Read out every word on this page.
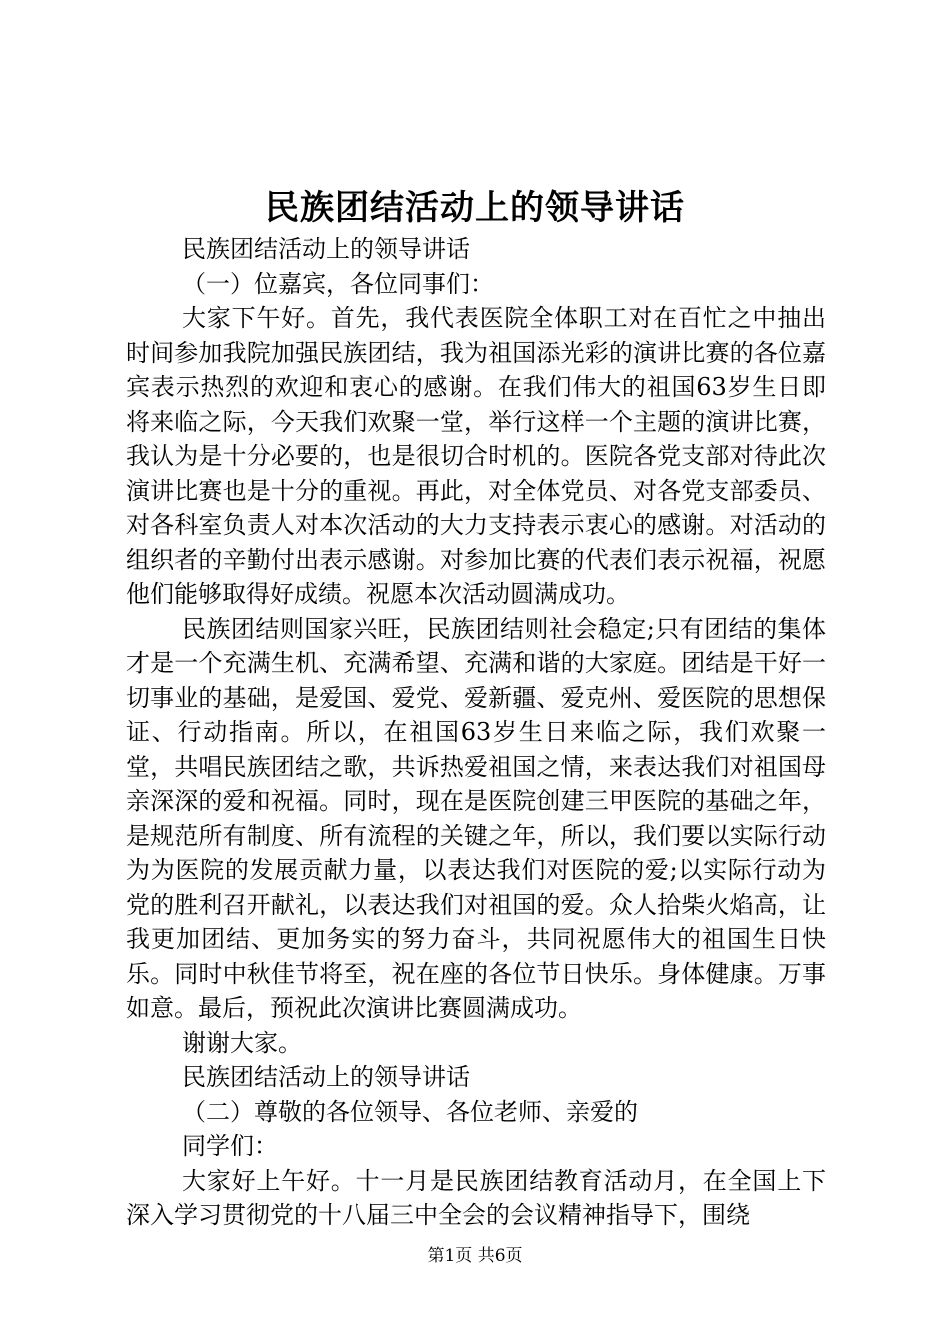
民族团结活动上的领导讲话

民族团结活动上的领导讲话

（一）位嘉宾，各位同事们：

大家下午好。首先，我代表医院全体职工对在百忙之中抽出时间参加我院加强民族团结，我为祖国添光彩的演讲比赛的各位嘉宾表示热烈的欢迎和衷心的感谢。在我们伟大的祖国63岁生日即将来临之际，今天我们欢聚一堂，举行这样一个主题的演讲比赛，我认为是十分必要的，也是很切合时机的。医院各党支部对待此次演讲比赛也是十分的重视。再此，对全体党员、对各党支部委员、对各科室负责人对本次活动的大力支持表示衷心的感谢。对活动的组织者的辛勤付出表示感谢。对参加比赛的代表们表示祝福，祝愿他们能够取得好成绩。祝愿本次活动圆满成功。

民族团结则国家兴旺，民族团结则社会稳定;只有团结的集体才是一个充满生机、充满希望、充满和谐的大家庭。团结是干好一切事业的基础，是爱国、爱党、爱新疆、爱克州、爱医院的思想保证、行动指南。所以，在祖国63岁生日来临之际，我们欢聚一堂，共唱民族团结之歌，共诉热爱祖国之情，来表达我们对祖国母亲深深的爱和祝福。同时，现在是医院创建三甲医院的基础之年，是规范所有制度、所有流程的关键之年，所以，我们要以实际行动为为医院的发展贡献力量，以表达我们对医院的爱;以实际行动为党的胜利召开献礼，以表达我们对祖国的爱。众人拾柴火焰高，让我更加团结、更加务实的努力奋斗，共同祝愿伟大的祖国生日快乐。同时中秋佳节将至，祝在座的各位节日快乐。身体健康。万事如意。最后，预祝此次演讲比赛圆满成功。

谢谢大家。

民族团结活动上的领导讲话

（二）尊敬的各位领导、各位老师、亲爱的

同学们：

大家好上午好。十一月是民族团结教育活动月，在全国上下深入学习贯彻党的十八届三中全会的会议精神指导下，围绕

第1页 共6页
